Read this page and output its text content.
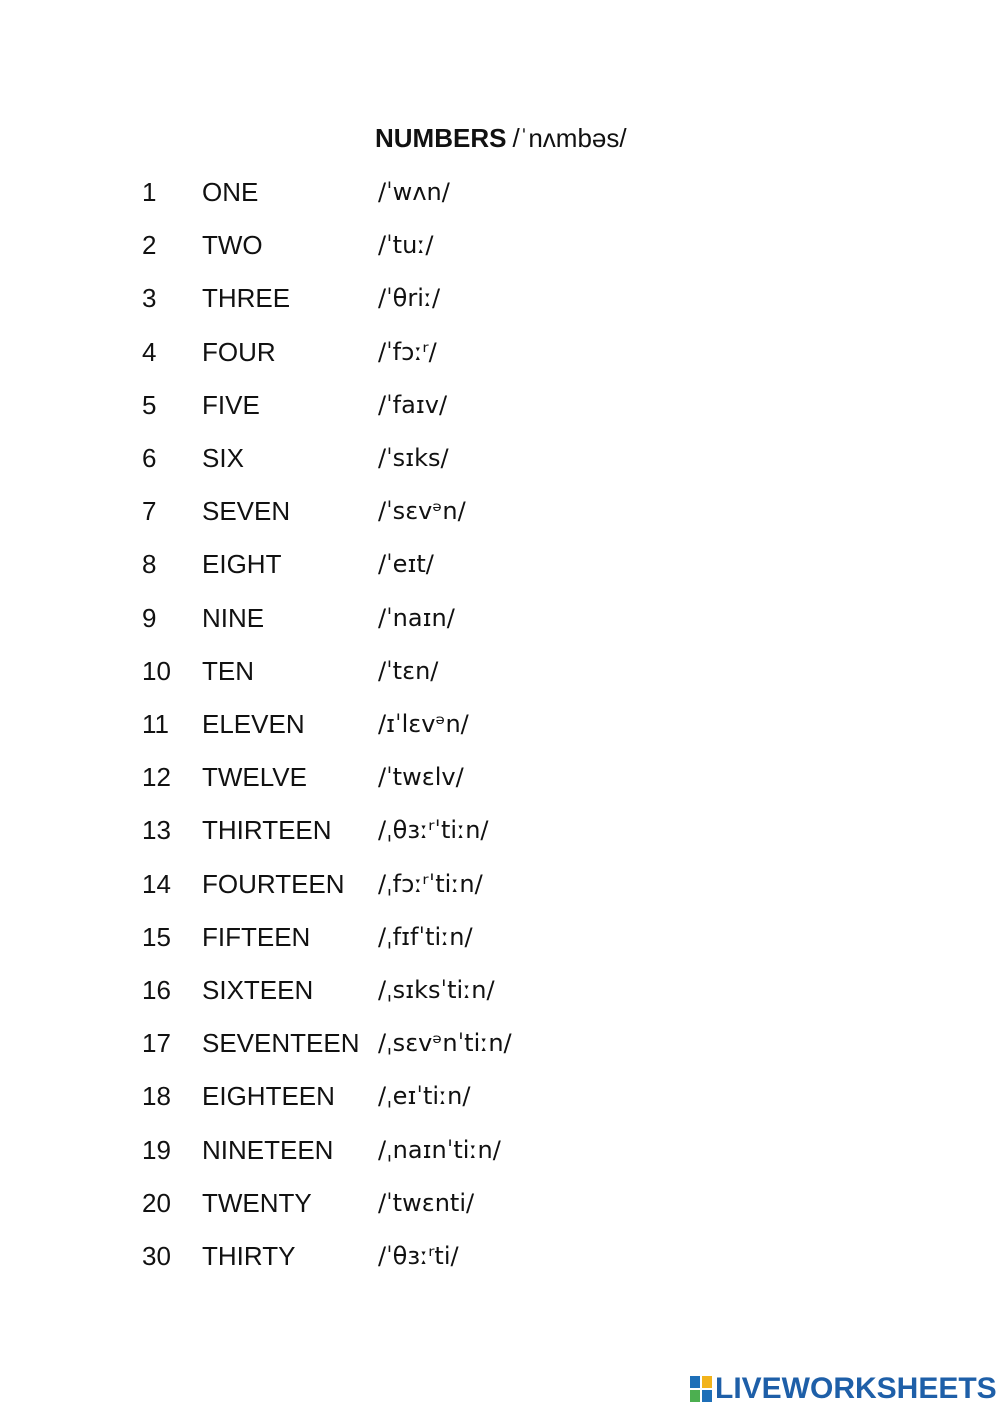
NUMBERS /ˈnʌmbəs/
1 ONE	/ˈwʌn/
2 TWO	/ˈtuː/
3 THREE	/ˈθriː/
4 FOUR	/ˈfɔːʳ/
5 FIVE	/ˈfaɪv/
6 SIX	/ˈsɪks/
7 SEVEN	/ˈsɛvᵊn/
8 EIGHT	/ˈeɪt/
9 NINE	/ˈnaɪn/
10 TEN	/ˈtɛn/
11 ELEVEN	/ɪˈlɛvᵊn/
12 TWELVE	/ˈtwɛlv/
13 THIRTEEN /ˌθɜːʳˈtiːn/
14 FOURTEEN /ˌfɔːʳˈtiːn/
15 FIFTEEN	/ˌfɪfˈtiːn/
16 SIXTEEN	/ˌsɪksˈtiːn/
17 SEVENTEEN /ˌsɛvᵊnˈtiːn/
18 EIGHTEEN /ˌeɪˈtiːn/
19 NINETEEN /ˌnaɪnˈtiːn/
20 TWENTY	/ˈtwɛnti/
30 THIRTY	/ˈθɜːʳti/
LIVEWORKSHEETS
